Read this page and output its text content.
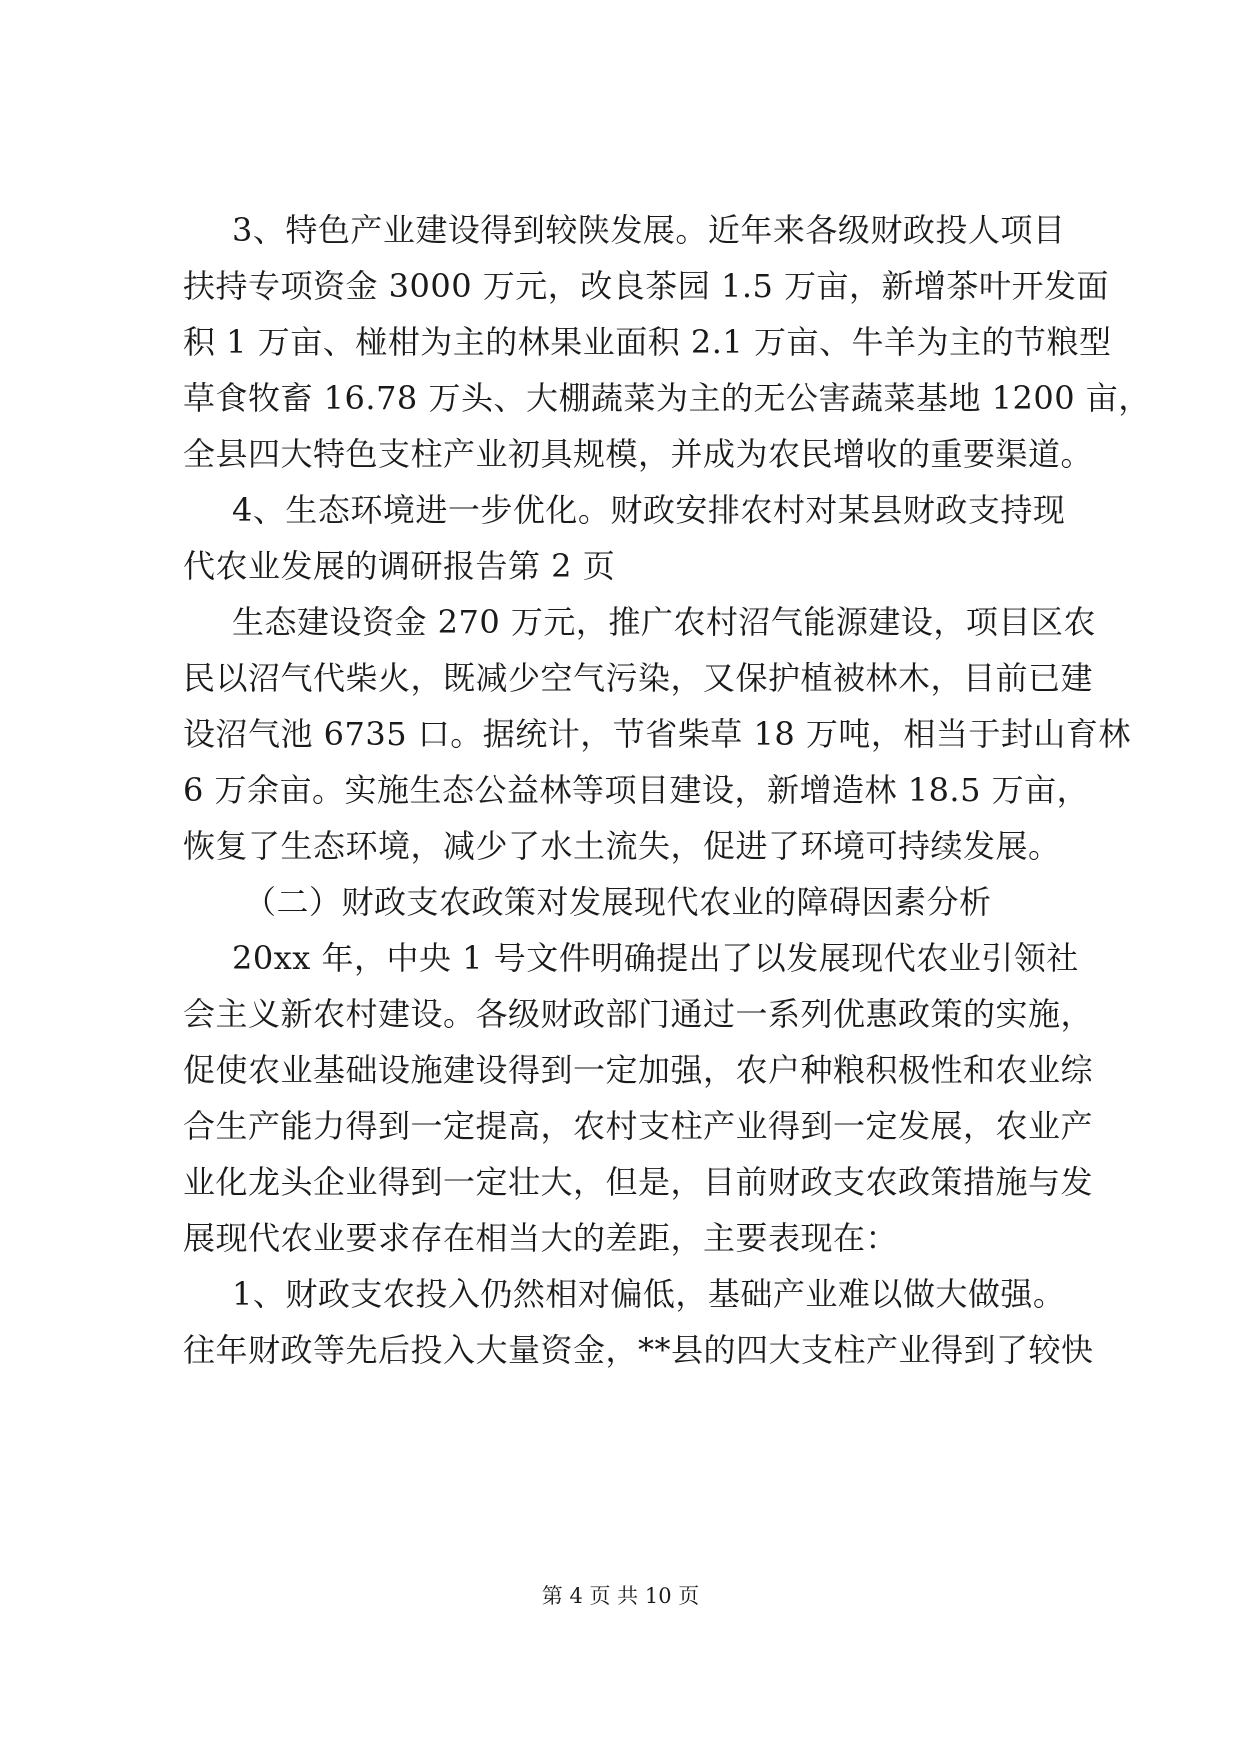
3、特色产业建设得到较陕发展。近年来各级财政投人项目
扶持专项资金 3000 万元，改良茶园 1.5 万亩，新增茶叶开发面
积 1 万亩、椪柑为主的林果业面积 2.1 万亩、牛羊为主的节粮型
草食牧畜 16.78 万头、大棚蔬菜为主的无公害蔬菜基地 1200 亩，
全县四大特色支柱产业初具规模，并成为农民增收的重要渠道。
4、生态环境进一步优化。财政安排农村对某县财政支持现
代农业发展的调研报告第 2 页
生态建设资金 270 万元，推广农村沼气能源建设，项目区农
民以沼气代柴火，既减少空气污染，又保护植被林木，目前已建
设沼气池 6735 口。据统计，节省柴草 18 万吨，相当于封山育林
6 万余亩。实施生态公益林等项目建设，新增造林 18.5 万亩，
恢复了生态环境，减少了水土流失，促进了环境可持续发展。
（二）财政支农政策对发展现代农业的障碍因素分析
20xx 年，中央 1 号文件明确提出了以发展现代农业引领社
会主义新农村建设。各级财政部门通过一系列优惠政策的实施，
促使农业基础设施建设得到一定加强，农户种粮积极性和农业综
合生产能力得到一定提高，农村支柱产业得到一定发展，农业产
业化龙头企业得到一定壮大，但是，目前财政支农政策措施与发
展现代农业要求存在相当大的差距，主要表现在：
1、财政支农投入仍然相对偏低，基础产业难以做大做强。
往年财政等先后投入大量资金，**县的四大支柱产业得到了较快
第 4 页 共 10 页
